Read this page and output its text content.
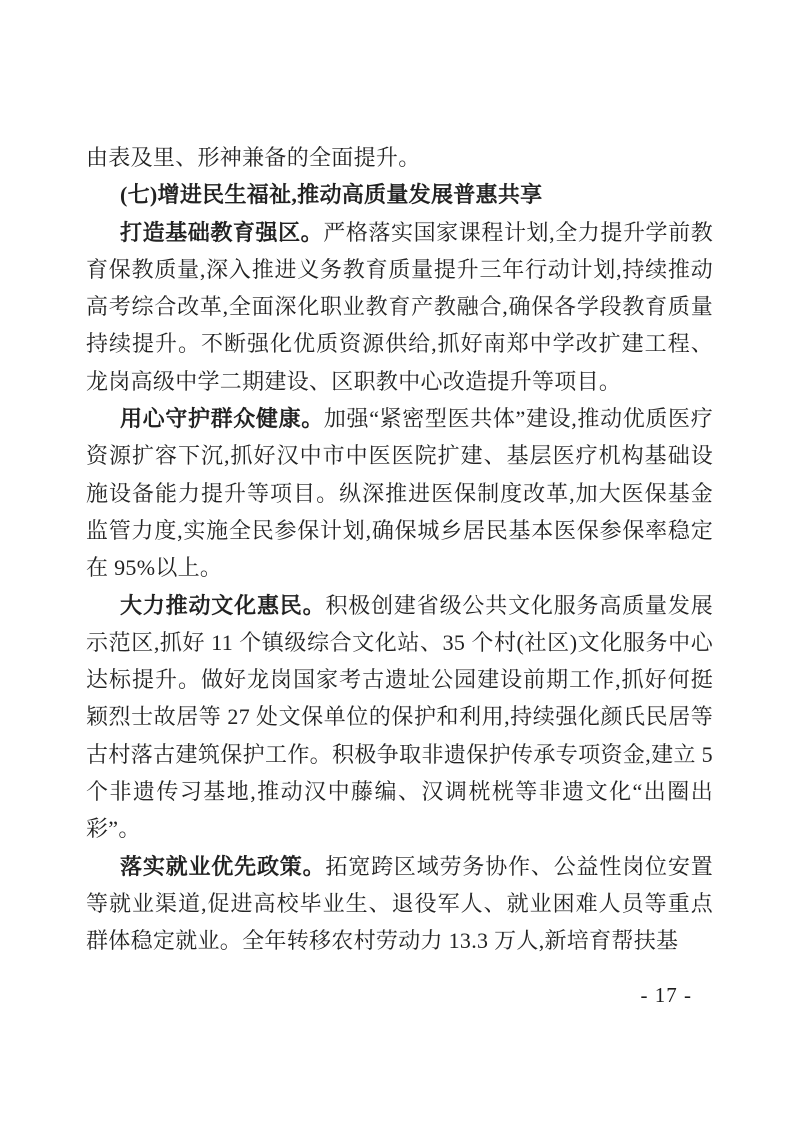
由表及里、形神兼备的全面提升。

(七)增进民生福祉,推动高质量发展普惠共享

打造基础教育强区。严格落实国家课程计划,全力提升学前教育保教质量,深入推进义务教育质量提升三年行动计划,持续推动高考综合改革,全面深化职业教育产教融合,确保各学段教育质量持续提升。不断强化优质资源供给,抓好南郑中学改扩建工程、龙岗高级中学二期建设、区职教中心改造提升等项目。

用心守护群众健康。加强“紧密型医共体”建设,推动优质医疗资源扩容下沉,抓好汉中市中医医院扩建、基层医疗机构基础设施设备能力提升等项目。纵深推进医保制度改革,加大医保基金监管力度,实施全民参保计划,确保城乡居民基本医保参保率稳定在 95%以上。

大力推动文化惠民。积极创建省级公共文化服务高质量发展示范区,抓好 11 个镇级综合文化站、35 个村(社区)文化服务中心达标提升。做好龙岗国家考古遗址公园建设前期工作,抓好何挺颖烈士故居等 27 处文保单位的保护和利用,持续强化颜氏民居等古村落古建筑保护工作。积极争取非遗保护传承专项资金,建立 5 个非遗传习基地,推动汉中藤编、汉调桄桄等非遗文化“出圈出彩”。

落实就业优先政策。拓宽跨区域劳务协作、公益性岗位安置等就业渠道,促进高校毕业生、退役军人、就业困难人员等重点群体稳定就业。全年转移农村劳动力 13.3 万人,新培育帮扶基

- 17 -
